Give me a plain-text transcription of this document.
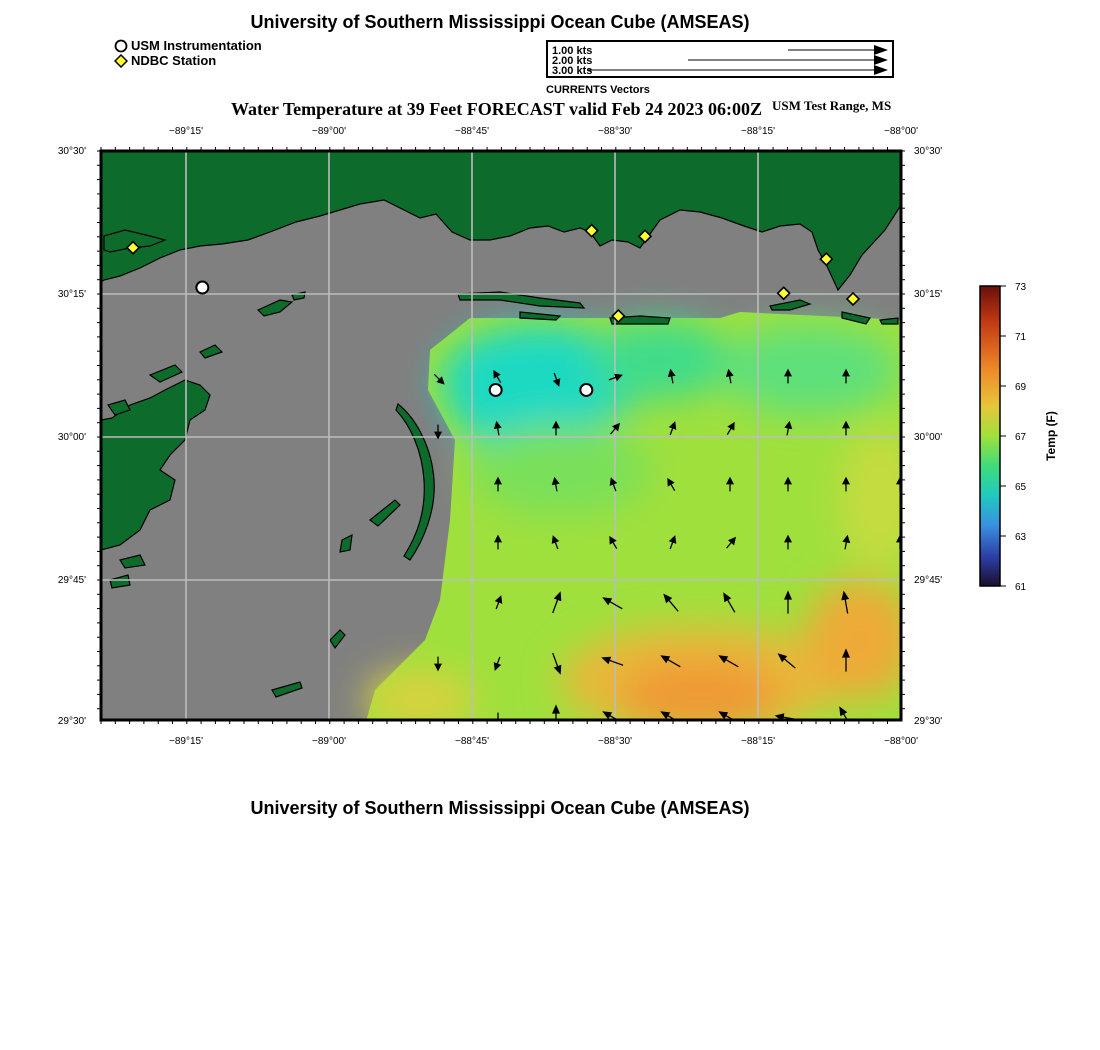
University of Southern Mississippi Ocean Cube (AMSEAS)
USM Instrumentation
NDBC Station
1.00 kts
2.00 kts
3.00 kts
CURRENTS Vectors
Water Temperature at 39 Feet FORECAST valid Feb 24 2023 06:00Z USM Test Range, MS
−89°15'	−89°00'	−88°45'	−88°30'	−88°15'	−88°00'
−89°15'	−89°00'	−88°45'	−88°30'	−88°15'	−88°00'
30°30'
30°15'
30°00'
29°45'
29°30'
30°30'
30°15'
30°00'
29°45'
29°30'
73
71
69
67
65
63
61
Temp (F)
University of Southern Mississippi Ocean Cube (AMSEAS)
